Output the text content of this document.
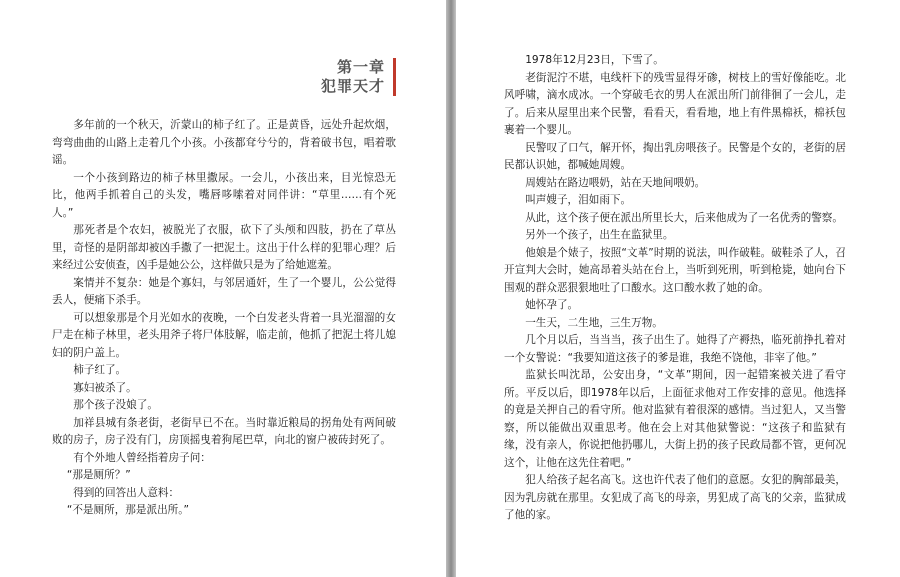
第一章
犯罪天才

多年前的一个秋天，沂蒙山的柿子红了。正是黄昏，远处升起炊烟，弯弯曲曲的山路上走着几个小孩。小孩都耷兮兮的，背着破书包，唱着歌谣。

一个小孩到路边的柿子林里撒尿。一会儿，小孩出来，目光惊恐无比，他两手抓着自己的头发，嘴唇哆嗦着对同伴讲：“草里……有个死人。”

那死者是个农妇，被脱光了衣服，砍下了头颅和四肢，扔在了草丛里，奇怪的是阴部却被凶手撒了一把泥土。这出于什么样的犯罪心理？后来经过公安侦查，凶手是她公公，这样做只是为了给她遮羞。

案情并不复杂：她是个寡妇，与邻居通奸，生了一个婴儿，公公觉得丢人，便痛下杀手。

可以想象那是个月光如水的夜晚，一个白发老头背着一具光溜溜的女尸走在柿子林里，老头用斧子将尸体肢解，临走前，他抓了把泥土将儿媳妇的阴户盖上。

柿子红了。

寡妇被杀了。

那个孩子没娘了。

加祥县城有条老街，老街早已不在。当时靠近粮局的拐角处有两间破败的房子，房子没有门，房顶摇曳着狗尾巴草，向北的窗户被砖封死了。

有个外地人曾经指着房子问：

“那是厕所？”

得到的回答出人意料：

“不是厕所，那是派出所。”

1978年12月23日，下雪了。

老街泥泞不堪，电线杆下的残雪显得牙碜，树枝上的雪好像能吃。北风呼啸，滴水成冰。一个穿破毛衣的男人在派出所门前徘徊了一会儿，走了。后来从屋里出来个民警，看看天，看看地，地上有件黑棉袄，棉袄包裹着一个婴儿。

民警叹了口气，解开怀，掏出乳房喂孩子。民警是个女的，老街的居民都认识她，都喊她周嫂。

周嫂站在路边喂奶，站在天地间喂奶。

叫声嫂子，泪如雨下。

从此，这个孩子便在派出所里长大，后来他成为了一名优秀的警察。

另外一个孩子，出生在监狱里。

他娘是个婊子，按照“文革”时期的说法，叫作破鞋。破鞋杀了人，召开宣判大会时，她高昂着头站在台上，当听到死刑，听到枪毙，她向台下围观的群众恶狠狠地吐了口酸水。这口酸水救了她的命。

她怀孕了。

一生天，二生地，三生万物。

几个月以后，当当当，孩子出生了。她得了产褥热，临死前挣扎着对一个女警说：“我要知道这孩子的爹是谁，我绝不饶他，非宰了他。”

监狱长叫沈昂，公安出身，“文革”期间，因一起错案被关进了看守所。平反以后，即1978年以后，上面征求他对工作安排的意见。他选择的竟是关押自己的看守所。他对监狱有着很深的感情。当过犯人，又当警察，所以能做出双重思考。他在会上对其他狱警说：“这孩子和监狱有缘，没有亲人，你说把他扔哪儿，大街上扔的孩子民政局都不管，更何况这个，让他在这先住着吧。”

犯人给孩子起名高飞。这也许代表了他们的意愿。女犯的胸部最美，因为乳房就在那里。女犯成了高飞的母亲，男犯成了高飞的父亲，监狱成了他的家。
